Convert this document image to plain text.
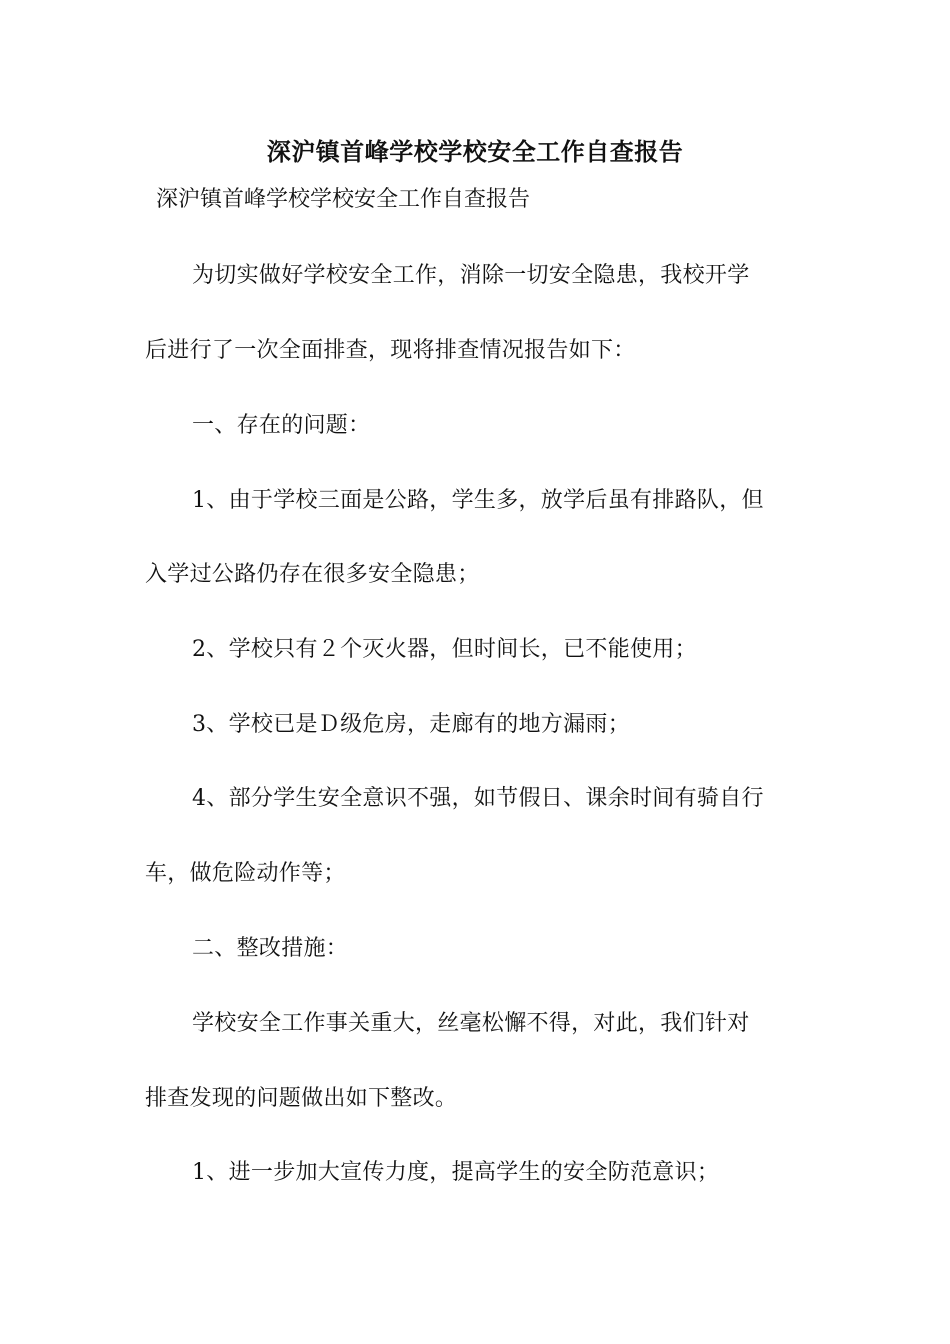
深沪镇首峰学校学校安全工作自查报告
深沪镇首峰学校学校安全工作自查报告
为切实做好学校安全工作，消除一切安全隐患，我校开学
后进行了一次全面排查，现将排查情况报告如下：
一、存在的问题：
1、由于学校三面是公路，学生多，放学后虽有排路队，但
入学过公路仍存在很多安全隐患；
2、学校只有２个灭火器，但时间长，已不能使用；
3、学校已是Ｄ级危房，走廊有的地方漏雨；
4、部分学生安全意识不强，如节假日、课余时间有骑自行
车，做危险动作等；
二、整改措施：
学校安全工作事关重大，丝毫松懈不得，对此，我们针对
排查发现的问题做出如下整改。
1、进一步加大宣传力度，提高学生的安全防范意识；
